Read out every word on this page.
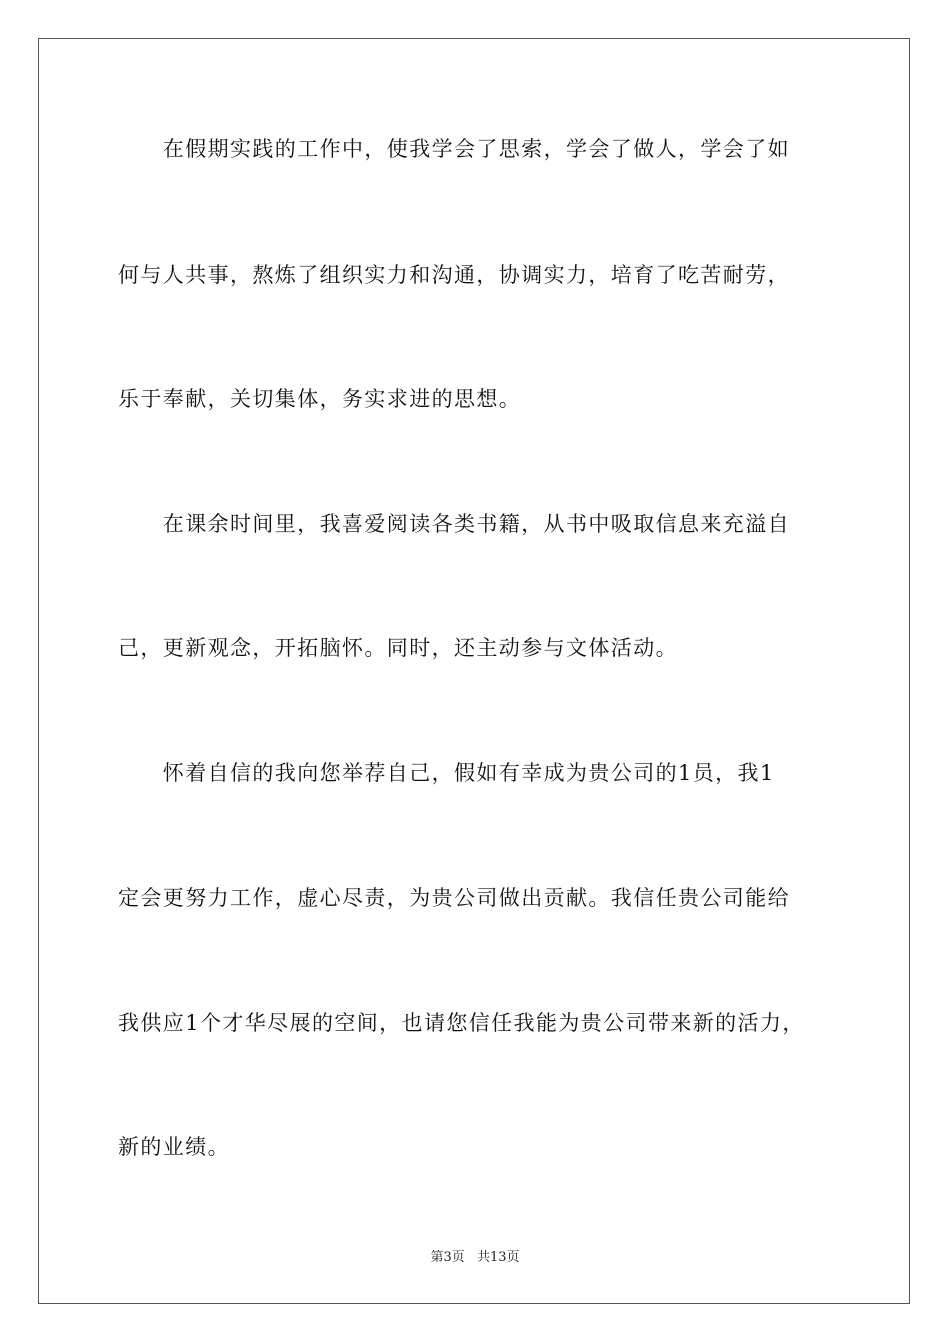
　　在假期实践的工作中，使我学会了思索，学会了做人，学会了如
何与人共事，熬炼了组织实力和沟通，协调实力，培育了吃苦耐劳，
乐于奉献，关切集体，务实求进的思想。
　　在课余时间里，我喜爱阅读各类书籍，从书中吸取信息来充溢自
己，更新观念，开拓脑怀。同时，还主动参与文体活动。
　　怀着自信的我向您举荐自己，假如有幸成为贵公司的1员，我1
定会更努力工作，虚心尽责，为贵公司做出贡献。我信任贵公司能给
我供应1个才华尽展的空间，也请您信任我能为贵公司带来新的活力，
新的业绩。
第3页 共13页
